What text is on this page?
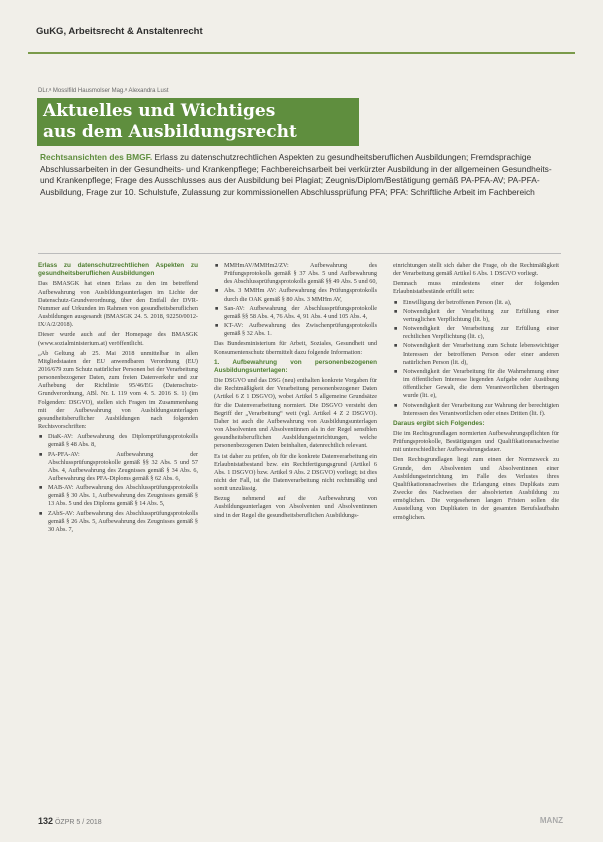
GuKG, Arbeitsrecht & Anstaltenrecht
DLr.ᵃ Mosslfild Hausmolser Mag.ᵃ Alexandra Lust
Aktuelles und Wichtiges
aus dem Ausbildungsrecht
Rechtsansichten des BMGF. Erlass zu datenschutzrechtlichen Aspekten zu gesundheitsberuflichen Ausbildungen; Fremdsprachige Abschlussarbeiten in der Gesundheits- und Krankenpflege; Fachbereichsarbeit bei verkürzter Ausbildung in der allgemeinen Gesundheits- und Krankenpflege; Frage des Ausschlusses aus der Ausbildung bei Plagiat; Zeugnis/Diplom/Bestätigung gemäß PA-PFA-AV; PA-PFA-Ausbildung, Frage zur 10. Schulstufe, Zulassung zur kommissionellen Abschlussprüfung PFA; PFA: Schriftliche Arbeit im Fachbereich
Erlass zu datenschutzrechtlichen Aspekten zu gesundheitsberuflichen Ausbildungen

Das BMASGK hat einen Erlass zu den im betreffend Aufbewahrung von Ausbildungsunterlagen im Lichte der Datenschutz-Grundverordnung, über den Entfall der DVR-Nummer auf Urkunden im Rahmen von gesundheitsberuflichen Ausbildungen ausgesandt (BMASGK 24. 5. 2018, 92250/0012-IX/A/2/2018).

Dieser wurde auch auf der Homepage des BMASGK (www.sozialministerium.at) veröffentlicht.

„Ab Geltung ab 25. Mai 2018 unmittelbar in allen Mitgliedstaaten der EU anwendbaren Verordnung (EU) 2016/679 zum Schutz natürlicher Personen bei der Verarbeitung personenbezogener Daten, zum freien Datenverkehr und zur Aufhebung der Richtlinie 95/46/EG (Datenschutz-Grundverordnung, ABl. Nr. L 119 vom 4. 5. 2016 S. 1) (im Folgenden: DSGVO), stellen sich Fragen im Zusammenhang mit der Aufbewahrung von Ausbildungsunterlagen gesundheitsberuflicher Ausbildungen nach folgenden Rechtsvorschriften:

■ DiaK-AV: Aufbewahrung des Diplomprüfungsprotokolls gemäß § 48 Abs. 8,
■ PA-PFA-AV: Aufbewahrung der Abschlussprüfungsprotokolle gemäß §§ 32 Abs. 5 und 57 Abs. 4, Aufbewahrung des Zeugnisses gemäß § 34 Abs. 6, Aufbewahrung des PFA-Diploms gemäß § 62 Abs. 6,
■ MAB-AV: Aufbewahrung des Abschlussprüfungsprotokolls gemäß § 30 Abs. 1, Aufbewahrung des Zeugnisses gemäß § 13 Abs. 5 und des Diploms gemäß § 14 Abs. 5,
■ ZAbS-AV: Aufbewahrung des Abschlussprüfungsprotokolls gemäß § 26 Abs. 5, Aufbewahrung des Zeugnisses gemäß § 30 Abs. 7,
■ MMHmAV/MMHm2/ZV: Aufbewahrung des Prüfungsprotokolls gemäß § 37 Abs. 5 und Aufbewahrung des Abschlussprüfungsprotokolls gemäß §§ 49 Abs. 5 und 60,
■ Abs. 3 MMHm AV: Aufbewahrung des Prüfungsprotokolls durch die OAK gemäß § 80 Abs. 3 MMHm AV,
■ San-AV: Aufbewahrung der Abschlussprüfungsprotokolle gemäß §§ 58 Abs. 4, 76 Abs. 4, 91 Abs. 4 und 105 Abs. 4,
■ KT-AV: Aufbewahrung des Zwischenprüfungsprotokolls gemäß § 32 Abs. 1.

Das Bundesministerium für Arbeit, Soziales, Gesundheit und Konsumentenschutz übermittelt dazu folgende Information:

1. Aufbewahrung von personenbezogenen Ausbildungsunterlagen:

Die DSGVO und das DSG (neu) enthalten konkrete Vorgaben für die Rechtmäßigkeit der Verarbeitung personenbezogener Daten (Artikel 6 Z 1 DSGVO), wobei Artikel 5 allgemeine Grundsätze für die Datenverarbeitung normiert. Die DSGVO versteht den Begriff der „Verarbeitung“ weit (vgl. Artikel 4 Z 2 DSGVO). Daher ist auch die Aufbewahrung von Ausbildungsunterlagen von Absolventen und Absolventinnen als in der Regel sensiblen gesundheitsberuflichen Ausbildungseinrichtungen, welche personenbezogenen Daten beinhalten, datenrechtlich relevant.

Es ist daher zu prüfen, ob für die konkrete Datenverarbeitung ein Erlaubnistatbestand bzw. ein Rechtfertigungsgrund (Artikel 6 Abs. 1 DSGVO) bzw. Artikel 9 Abs. 2 DSGVO) vorliegt; ist dies nicht der Fall, ist die Datenverarbeitung nicht rechtmäßig und somit unzulässig.

Bezug nehmend auf die Aufbewahrung von Ausbildungsunterlagen von Absolventen und Absolventinnen sind in der Regel die gesundheitsberuflichen Ausbildungs-

einrichtungen stellt sich daher die Frage, ob die Rechtmäßigkeit der Verarbeitung gemäß Artikel 6 Abs. 1 DSGVO vorliegt.

Demnach muss mindestens einer der folgenden Erlaubnistatbestände erfüllt sein:

■ Einwilligung der betroffenen Person (lit. a),
■ Notwendigkeit der Verarbeitung zur Erfüllung einer vertraglichen Verpflichtung (lit. b),
■ Notwendigkeit der Verarbeitung zur Erfüllung einer rechtlichen Verpflichtung (lit. c),
■ Notwendigkeit der Verarbeitung zum Schutz lebenswichtiger Interessen der betroffenen Person oder einer anderen natürlichen Person (lit. d),
■ Notwendigkeit der Verarbeitung für die Wahrnehmung einer im öffentlichen Interesse liegenden Aufgabe oder Ausübung öffentlicher Gewalt, die dem Verantwortlichen übertragen wurde (lit. e),
■ Notwendigkeit der Verarbeitung zur Wahrung der berechtigten Interessen des Verantwortlichen oder eines Dritten (lit. f).
Daraus ergibt sich Folgendes:

Die im Rechtsgrundlagen normierten Aufbewahrungspflichten für Prüfungsprotokolle, Bestätigungen und Qualifikationsnachweise mit unterschiedlicher Aufbewahrungsdauer.

Den Rechtsgrundlagen liegt zum einen der Normzweck zu Grunde, den Absolventen und Absolventinnen einer Ausbildungseinrichtung im Falle des Verlustes ihres Qualifikationsnachweises die Erlangung eines Duplikats zum Zwecke des Nachweises der absolvierten Ausbildung zu ermöglichen. Die vorgesehenen langen Fristen sollen die Ausstellung von Duplikaten in der gesamten Berufslaufbahn ermöglichen.

132 ÖZPR 5 / 2018	MANZ
